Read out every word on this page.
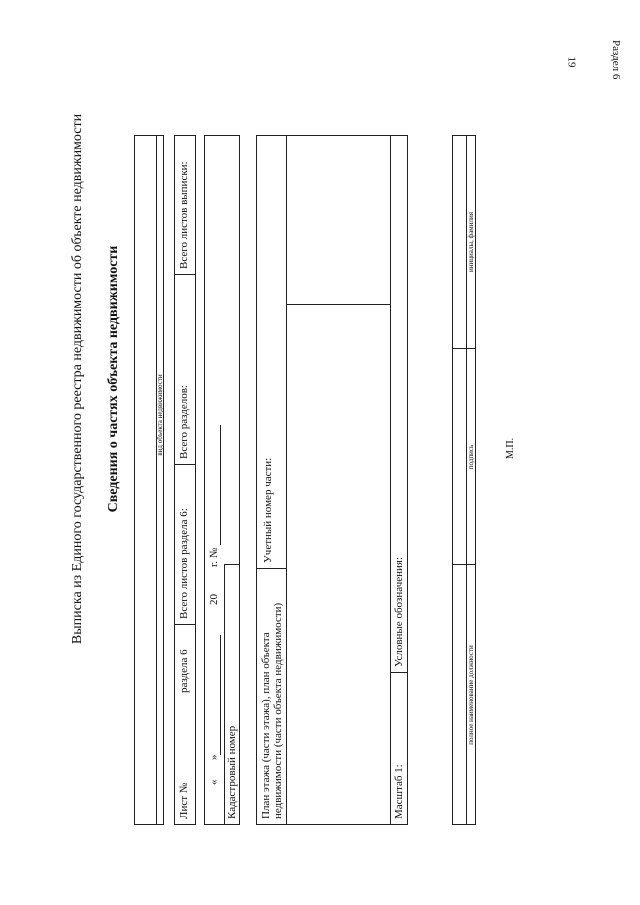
19	Раздел 6
Выписка из Единого государственного реестра недвижимости об объекте недвижимости Сведения о частях объекта недвижимости	вид объекта недвижимости
Лист №
раздела 6
Всего листов раздела 6:
Всего разделов:
Всего листов выписки:
«
»
20
г. №
Кадастровый номер План этажа (части этажа), план объекта недвижимости (части объекта недвижимости)
Учетный номер части:
Масштаб 1:
Условные обозначения:
полное наименование должности
подпись
инициалы, фамилия
М.П.
